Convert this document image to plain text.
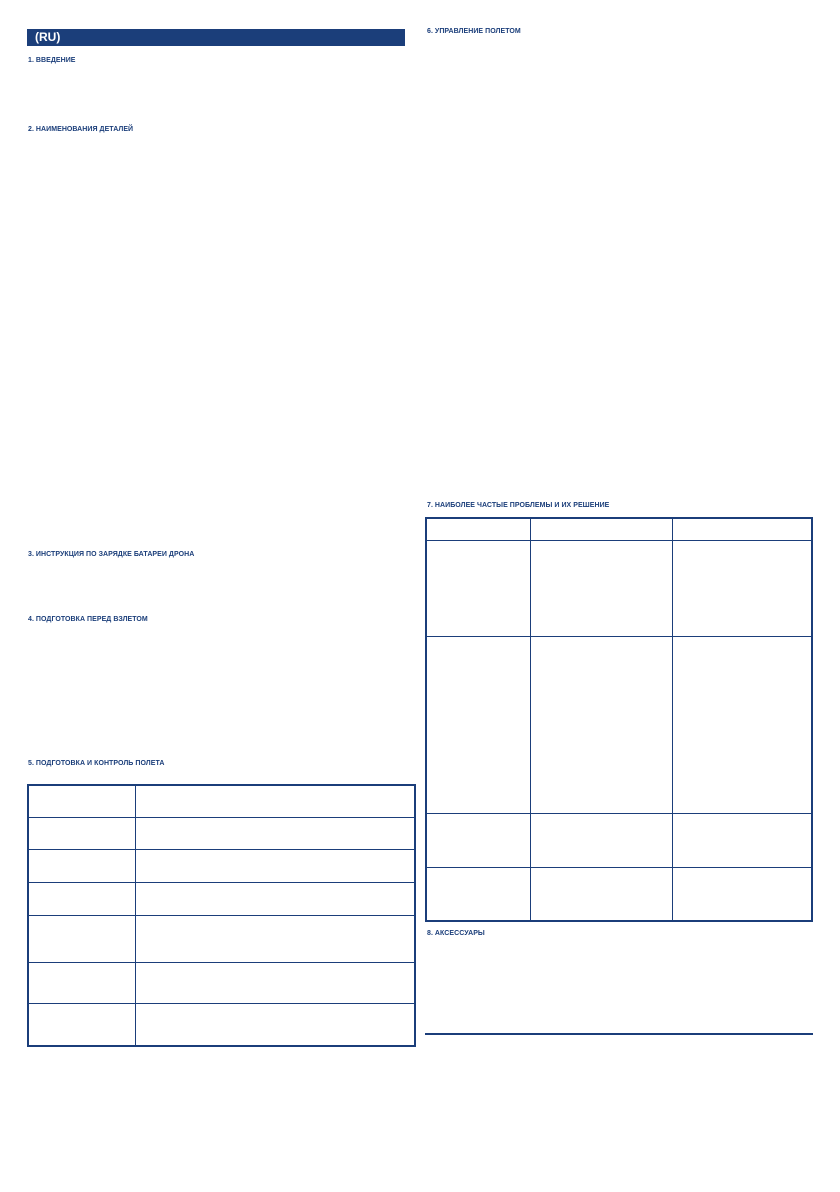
(RU)
1. ВВЕДЕНИЕ
2. НАИМЕНОВАНИЯ ДЕТАЛЕЙ
3. ИНСТРУКЦИЯ ПО ЗАРЯДКЕ БАТАРЕИ ДРОНА
4. ПОДГОТОВКА ПЕРЕД ВЗЛЕТОМ
5. ПОДГОТОВКА И КОНТРОЛЬ ПОЛЕТА

6. УПРАВЛЕНИЕ ПОЛЕТОМ
7. НАИБОЛЕЕ ЧАСТЫЕ ПРОБЛЕМЫ И ИХ РЕШЕНИЕ

8. АКСЕССУАРЫ
